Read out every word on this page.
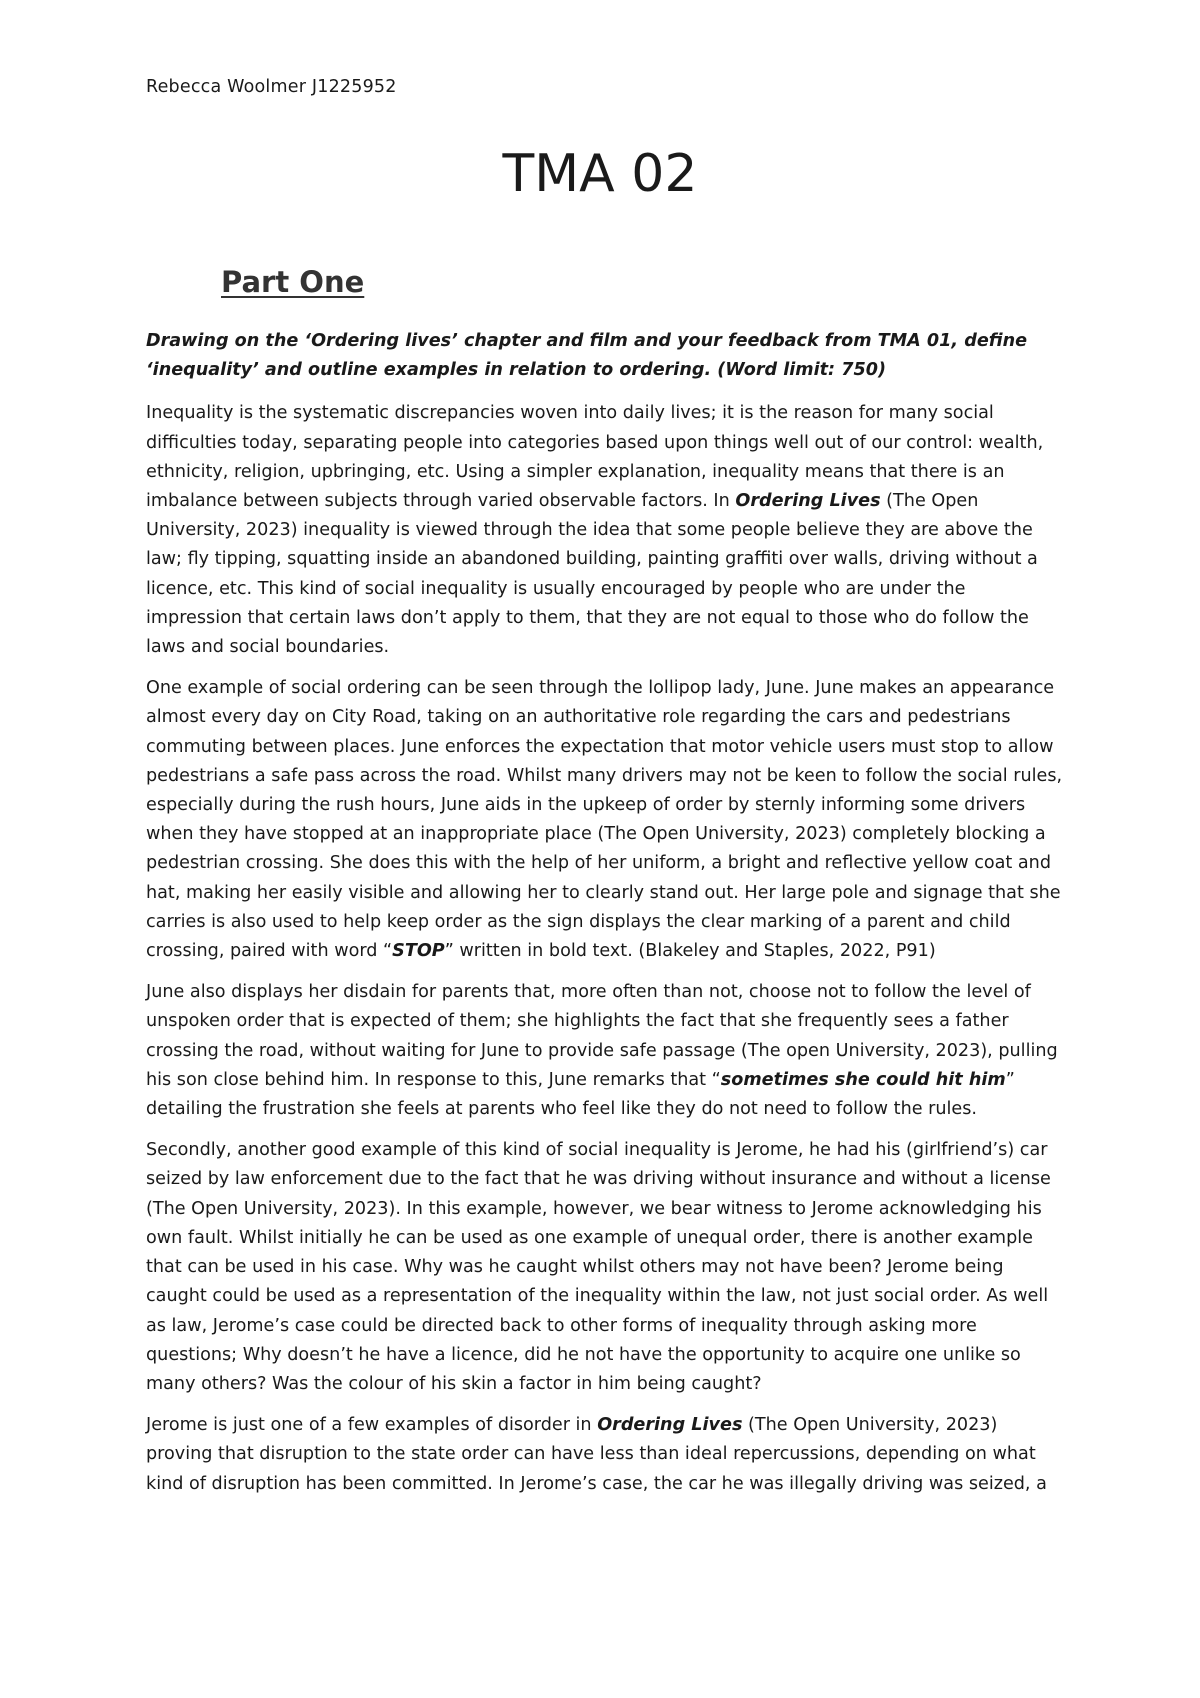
Rebecca Woolmer J1225952
TMA 02
Part One

Drawing on the ‘Ordering lives’ chapter and film and your feedback from TMA 01, define ‘inequality’ and outline examples in relation to ordering. (Word limit: 750)

Inequality is the systematic discrepancies woven into daily lives; it is the reason for many social difficulties today, separating people into categories based upon things well out of our control: wealth, ethnicity, religion, upbringing, etc. Using a simpler explanation, inequality means that there is an imbalance between subjects through varied observable factors. In Ordering Lives (The Open University, 2023) inequality is viewed through the idea that some people believe they are above the law; fly tipping, squatting inside an abandoned building, painting graffiti over walls, driving without a licence, etc. This kind of social inequality is usually encouraged by people who are under the impression that certain laws don’t apply to them, that they are not equal to those who do follow the laws and social boundaries.

One example of social ordering can be seen through the lollipop lady, June. June makes an appearance almost every day on City Road, taking on an authoritative role regarding the cars and pedestrians commuting between places. June enforces the expectation that motor vehicle users must stop to allow pedestrians a safe pass across the road. Whilst many drivers may not be keen to follow the social rules, especially during the rush hours, June aids in the upkeep of order by sternly informing some drivers when they have stopped at an inappropriate place (The Open University, 2023) completely blocking a pedestrian crossing. She does this with the help of her uniform, a bright and reflective yellow coat and hat, making her easily visible and allowing her to clearly stand out. Her large pole and signage that she carries is also used to help keep order as the sign displays the clear marking of a parent and child crossing, paired with word “STOP” written in bold text. (Blakeley and Staples, 2022, P91)

June also displays her disdain for parents that, more often than not, choose not to follow the level of unspoken order that is expected of them; she highlights the fact that she frequently sees a father crossing the road, without waiting for June to provide safe passage (The open University, 2023), pulling his son close behind him. In response to this, June remarks that “sometimes she could hit him” detailing the frustration she feels at parents who feel like they do not need to follow the rules.

Secondly, another good example of this kind of social inequality is Jerome, he had his (girlfriend’s) car seized by law enforcement due to the fact that he was driving without insurance and without a license (The Open University, 2023). In this example, however, we bear witness to Jerome acknowledging his own fault. Whilst initially he can be used as one example of unequal order, there is another example that can be used in his case. Why was he caught whilst others may not have been? Jerome being caught could be used as a representation of the inequality within the law, not just social order. As well as law, Jerome’s case could be directed back to other forms of inequality through asking more questions; Why doesn’t he have a licence, did he not have the opportunity to acquire one unlike so many others? Was the colour of his skin a factor in him being caught?

Jerome is just one of a few examples of disorder in Ordering Lives (The Open University, 2023) proving that disruption to the state order can have less than ideal repercussions, depending on what kind of disruption has been committed. In Jerome’s case, the car he was illegally driving was seized, a
